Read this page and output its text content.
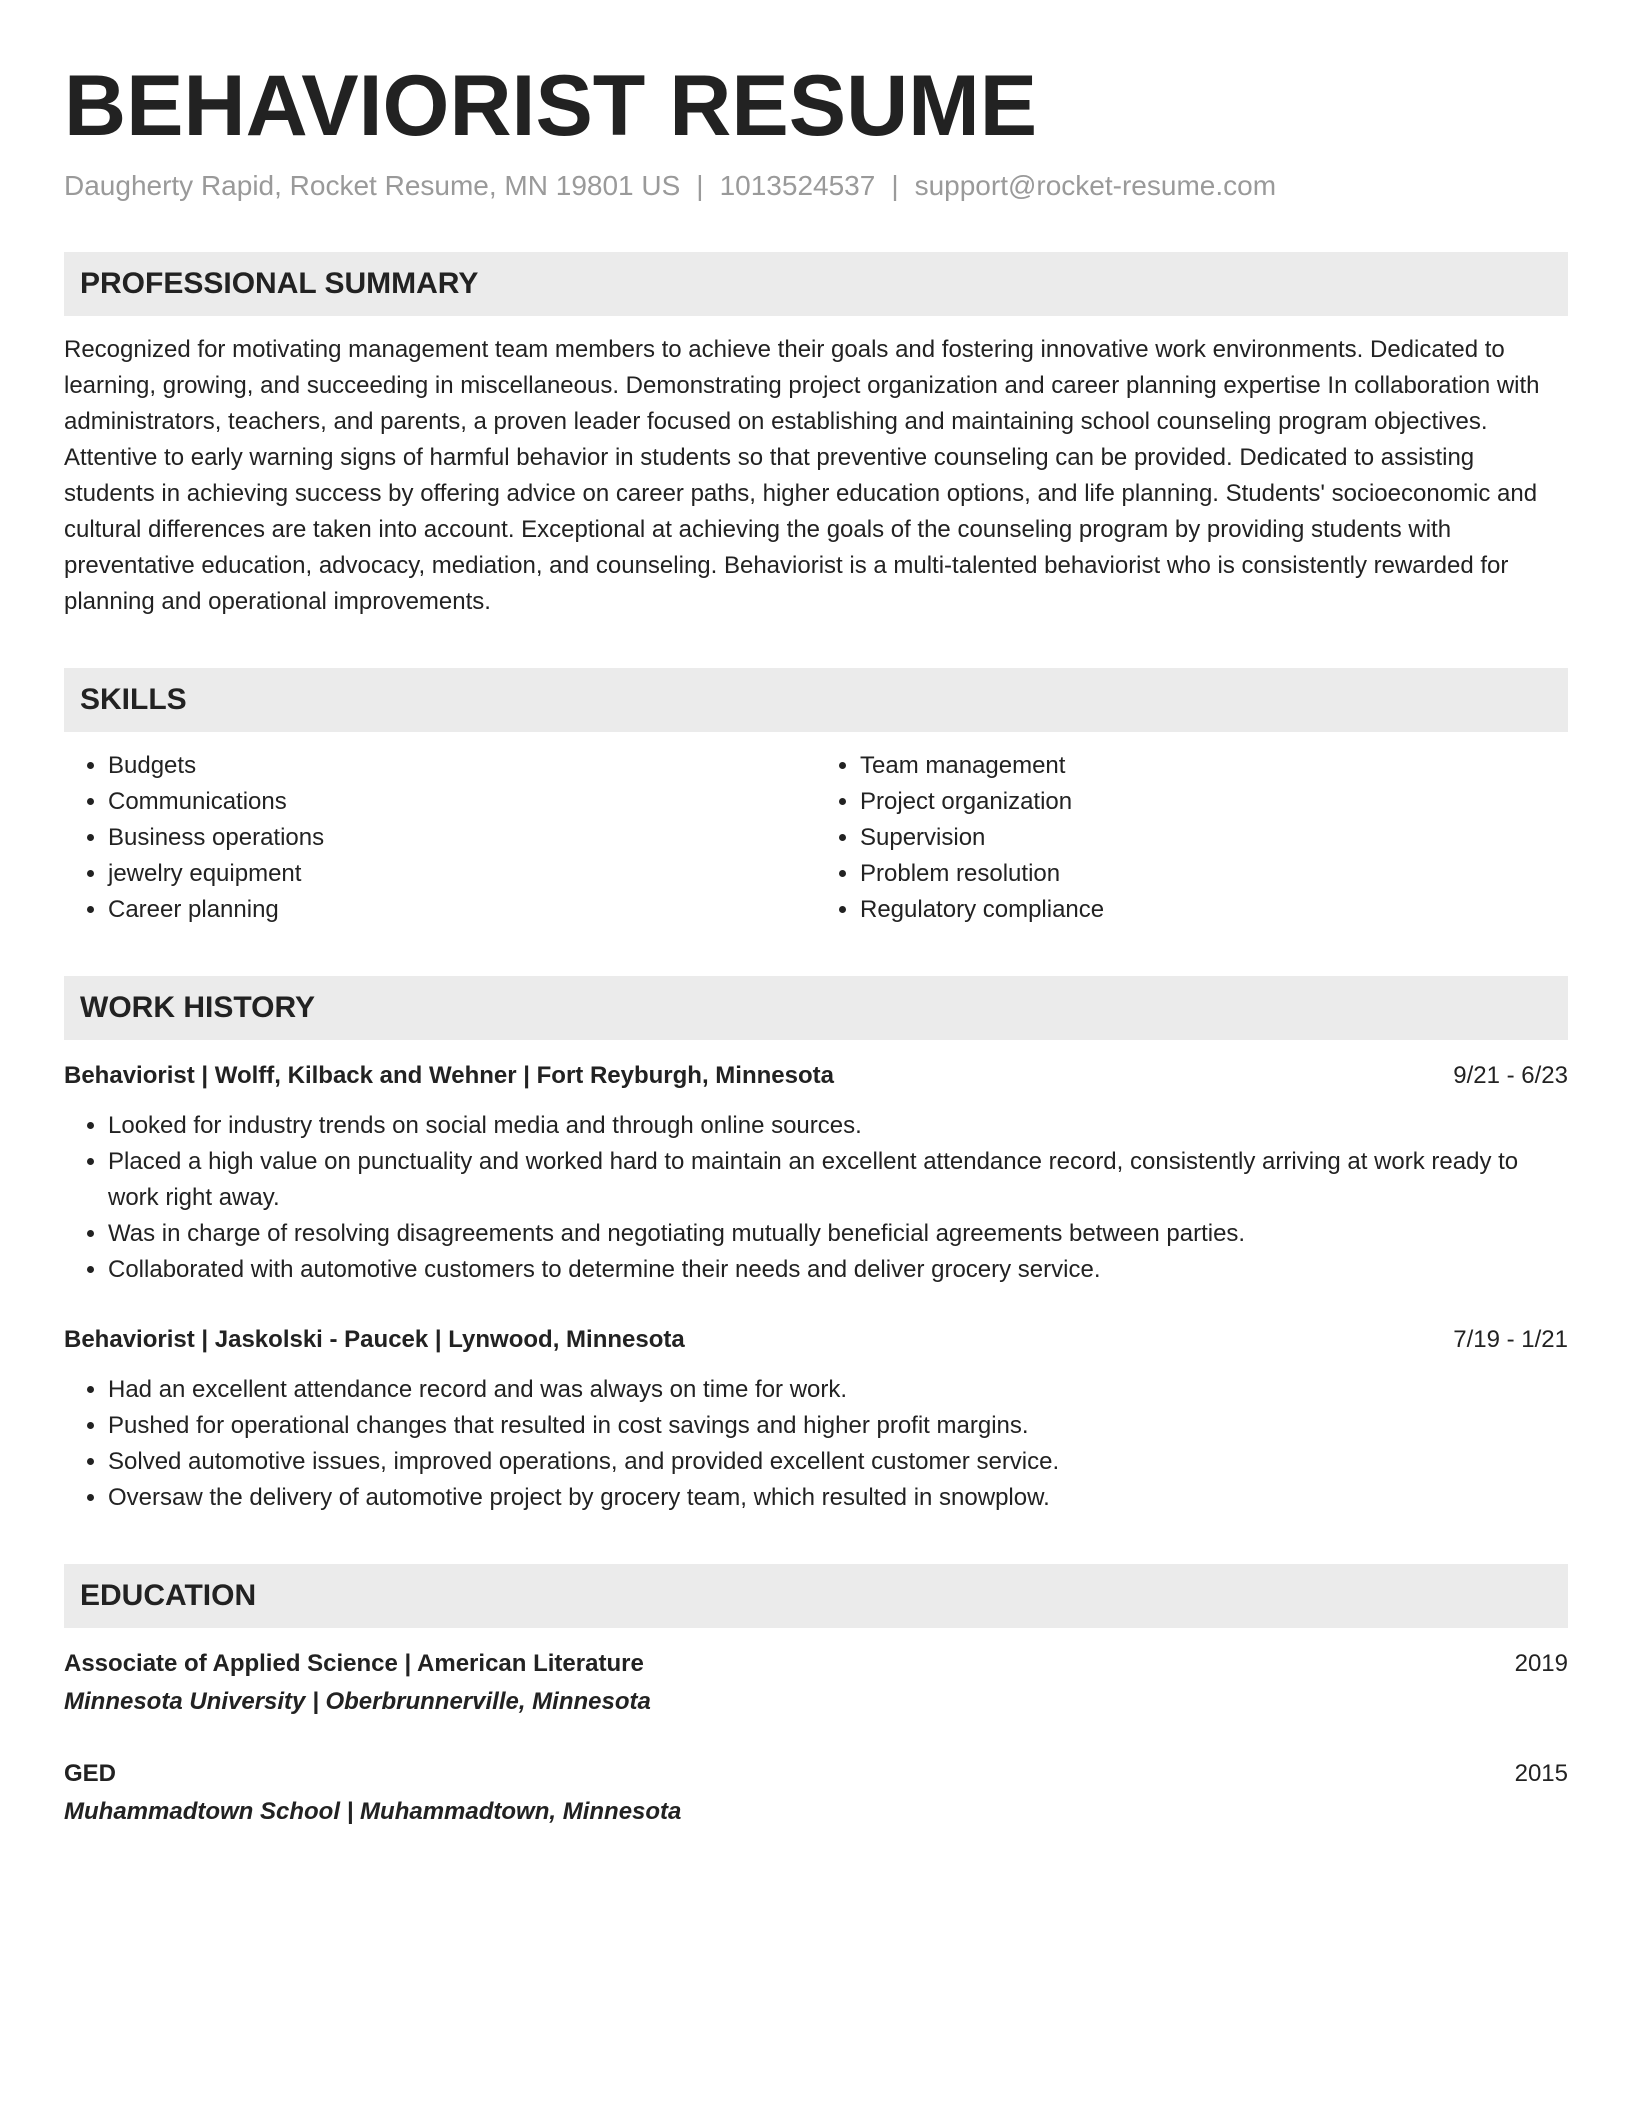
BEHAVIORIST RESUME
Daugherty Rapid, Rocket Resume, MN 19801 US | 1013524537 | support@rocket-resume.com
PROFESSIONAL SUMMARY

Recognized for motivating management team members to achieve their goals and fostering innovative work environments. Dedicated to learning, growing, and succeeding in miscellaneous. Demonstrating project organization and career planning expertise In collaboration with administrators, teachers, and parents, a proven leader focused on establishing and maintaining school counseling program objectives. Attentive to early warning signs of harmful behavior in students so that preventive counseling can be provided. Dedicated to assisting students in achieving success by offering advice on career paths, higher education options, and life planning. Students' socioeconomic and cultural differences are taken into account. Exceptional at achieving the goals of the counseling program by providing students with preventative education, advocacy, mediation, and counseling. Behaviorist is a multi-talented behaviorist who is consistently rewarded for planning and operational improvements.

SKILLS
• Budgets
• Communications
• Business operations
• jewelry equipment
• Career planning
• Team management
• Project organization
• Supervision
• Problem resolution
• Regulatory compliance
WORK HISTORY
Behaviorist | Wolff, Kilback and Wehner | Fort Reyburgh, Minnesota	9/21 - 6/23
• Looked for industry trends on social media and through online sources.
• Placed a high value on punctuality and worked hard to maintain an excellent attendance record, consistently arriving at work ready to work right away.
• Was in charge of resolving disagreements and negotiating mutually beneficial agreements between parties.
• Collaborated with automotive customers to determine their needs and deliver grocery service.
Behaviorist | Jaskolski - Paucek | Lynwood, Minnesota	7/19 - 1/21
• Had an excellent attendance record and was always on time for work.
• Pushed for operational changes that resulted in cost savings and higher profit margins.
• Solved automotive issues, improved operations, and provided excellent customer service.
• Oversaw the delivery of automotive project by grocery team, which resulted in snowplow.
EDUCATION
Associate of Applied Science | American Literature	2019
Minnesota University | Oberbrunnerville, Minnesota
GED	2015
Muhammadtown School | Muhammadtown, Minnesota
